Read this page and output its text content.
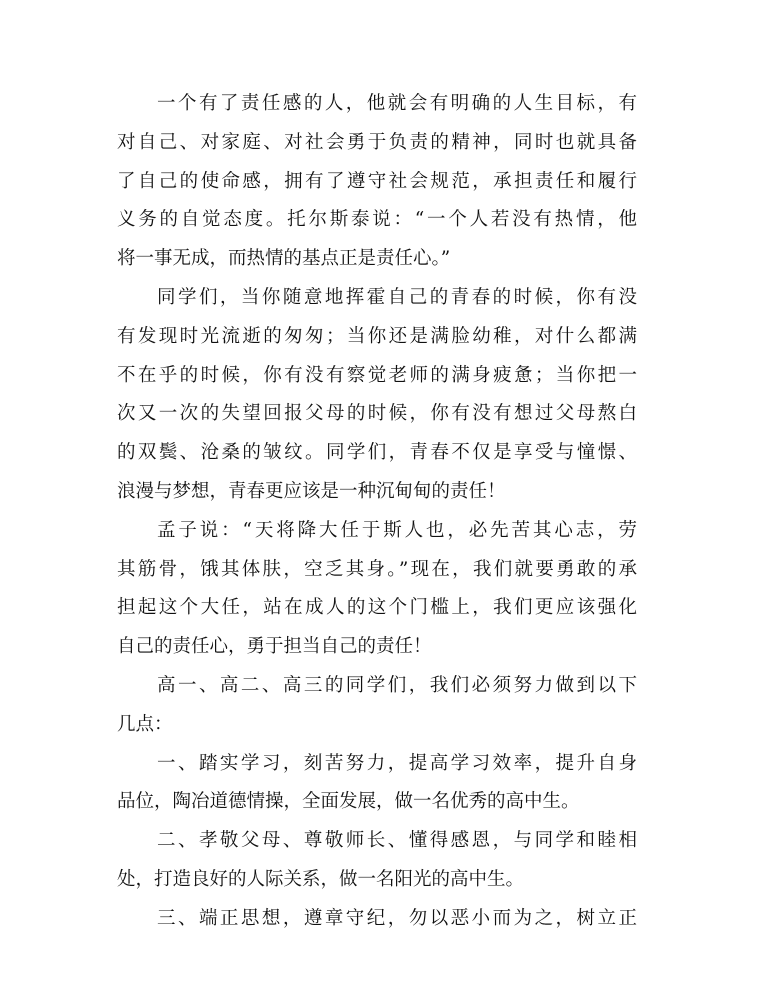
一个有了责任感的人，他就会有明确的人生目标，有
对自己、对家庭、对社会勇于负责的精神，同时也就具备
了自己的使命感，拥有了遵守社会规范，承担责任和履行
义务的自觉态度。托尔斯泰说：“一个人若没有热情，他
将一事无成，而热情的基点正是责任心。”
同学们，当你随意地挥霍自己的青春的时候，你有没
有发现时光流逝的匆匆；当你还是满脸幼稚，对什么都满
不在乎的时候，你有没有察觉老师的满身疲惫；当你把一
次又一次的失望回报父母的时候，你有没有想过父母熬白
的双鬓、沧桑的皱纹。同学们，青春不仅是享受与憧憬、
浪漫与梦想，青春更应该是一种沉甸甸的责任！
孟子说：“天将降大任于斯人也，必先苦其心志，劳
其筋骨，饿其体肤，空乏其身。”现在，我们就要勇敢的承
担起这个大任，站在成人的这个门槛上，我们更应该强化
自己的责任心，勇于担当自己的责任！
高一、高二、高三的同学们，我们必须努力做到以下
几点：
一、踏实学习，刻苦努力，提高学习效率，提升自身
品位，陶冶道德情操，全面发展，做一名优秀的高中生。
二、孝敬父母、尊敬师长、懂得感恩，与同学和睦相
处，打造良好的人际关系，做一名阳光的高中生。
三、端正思想，遵章守纪，勿以恶小而为之，树立正
